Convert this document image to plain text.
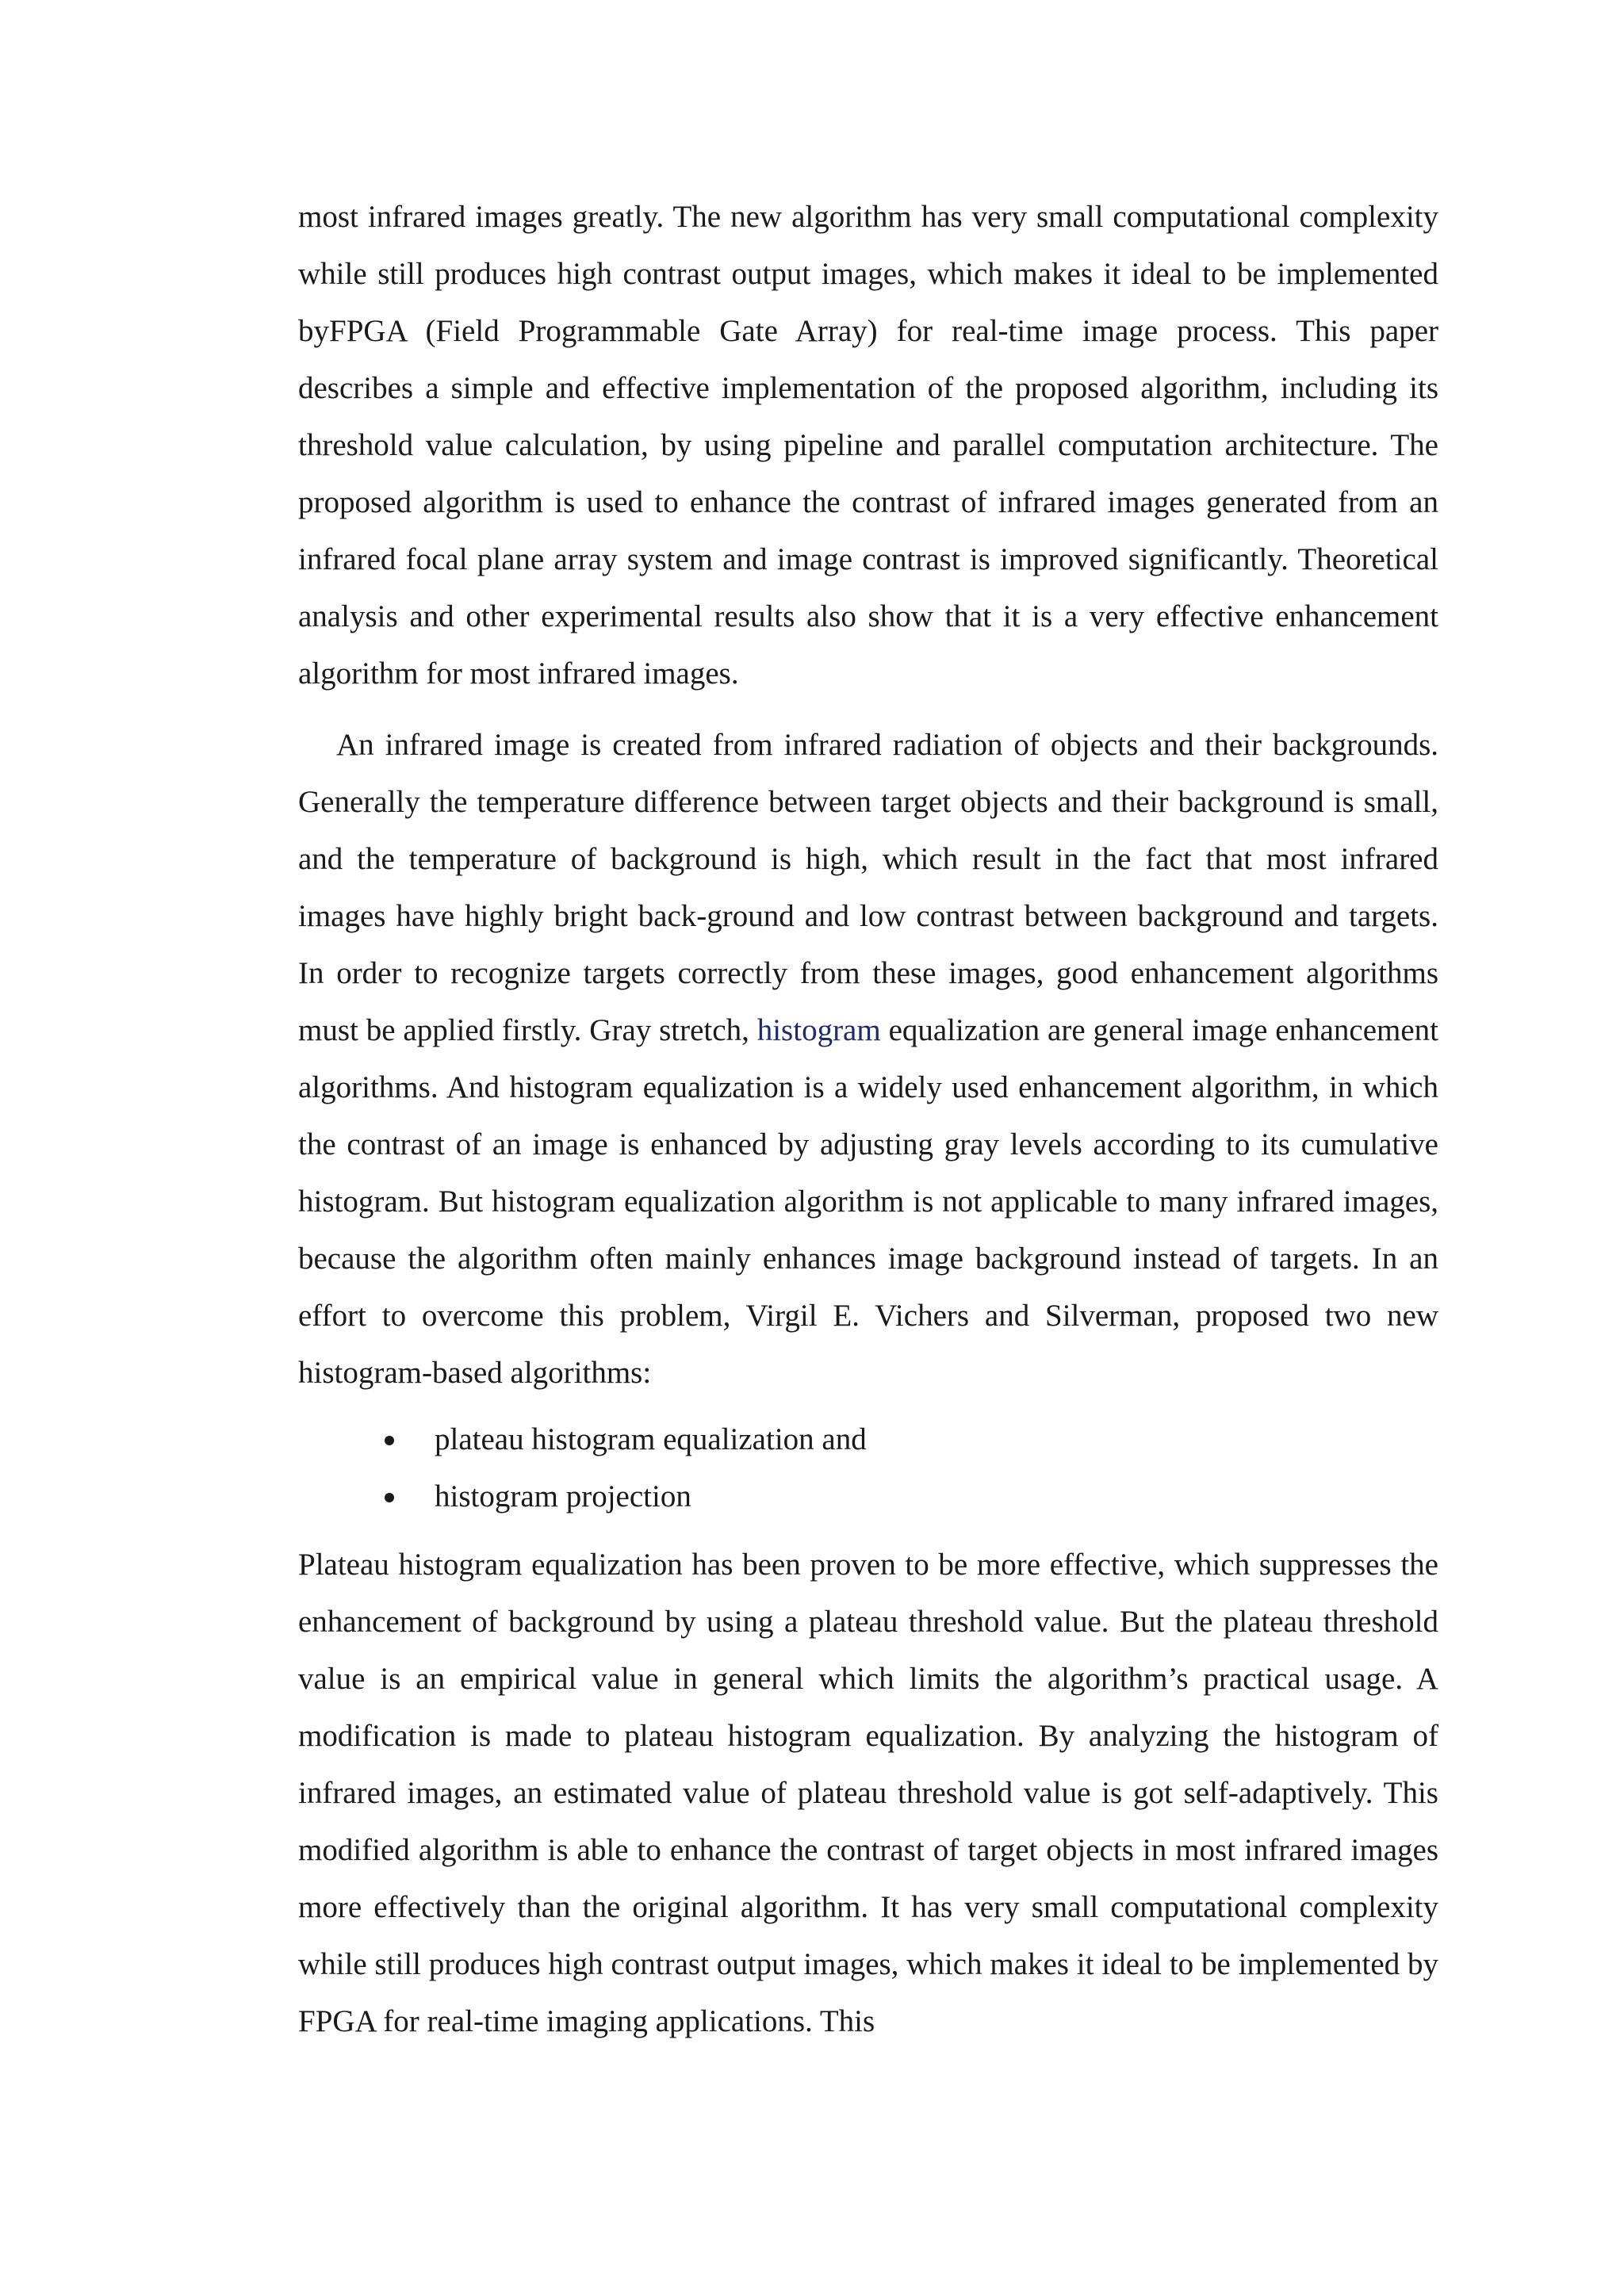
most infrared images greatly. The new algorithm has very small computational complexity while still produces high contrast output images, which makes it ideal to be implemented byFPGA (Field Programmable Gate Array) for real-time image process. This paper describes a simple and effective implementation of the proposed algorithm, including its threshold value calculation, by using pipeline and parallel computation architecture. The proposed algorithm is used to enhance the contrast of infrared images generated from an infrared focal plane array system and image contrast is improved significantly. Theoretical analysis and other experimental results also show that it is a very effective enhancement algorithm for most infrared images.

An infrared image is created from infrared radiation of objects and their backgrounds. Generally the temperature difference between target objects and their background is small, and the temperature of background is high, which result in the fact that most infrared images have highly bright back-ground and low contrast between background and targets. In order to recognize targets correctly from these images, good enhancement algorithms must be applied firstly. Gray stretch, histogram equalization are general image enhancement algorithms. And histogram equalization is a widely used enhancement algorithm, in which the contrast of an image is enhanced by adjusting gray levels according to its cumulative histogram. But histogram equalization algorithm is not applicable to many infrared images, because the algorithm often mainly enhances image background instead of targets. In an effort to overcome this problem, Virgil E. Vichers and Silverman, proposed two new histogram-based algorithms:

plateau histogram equalization and
histogram projection

Plateau histogram equalization has been proven to be more effective, which suppresses the enhancement of background by using a plateau threshold value. But the plateau threshold value is an empirical value in general which limits the algorithm’s practical usage. A modification is made to plateau histogram equalization. By analyzing the histogram of infrared images, an estimated value of plateau threshold value is got self-adaptively. This modified algorithm is able to enhance the contrast of target objects in most infrared images more effectively than the original algorithm. It has very small computational complexity while still produces high contrast output images, which makes it ideal to be implemented by FPGA for real-time imaging applications. This
